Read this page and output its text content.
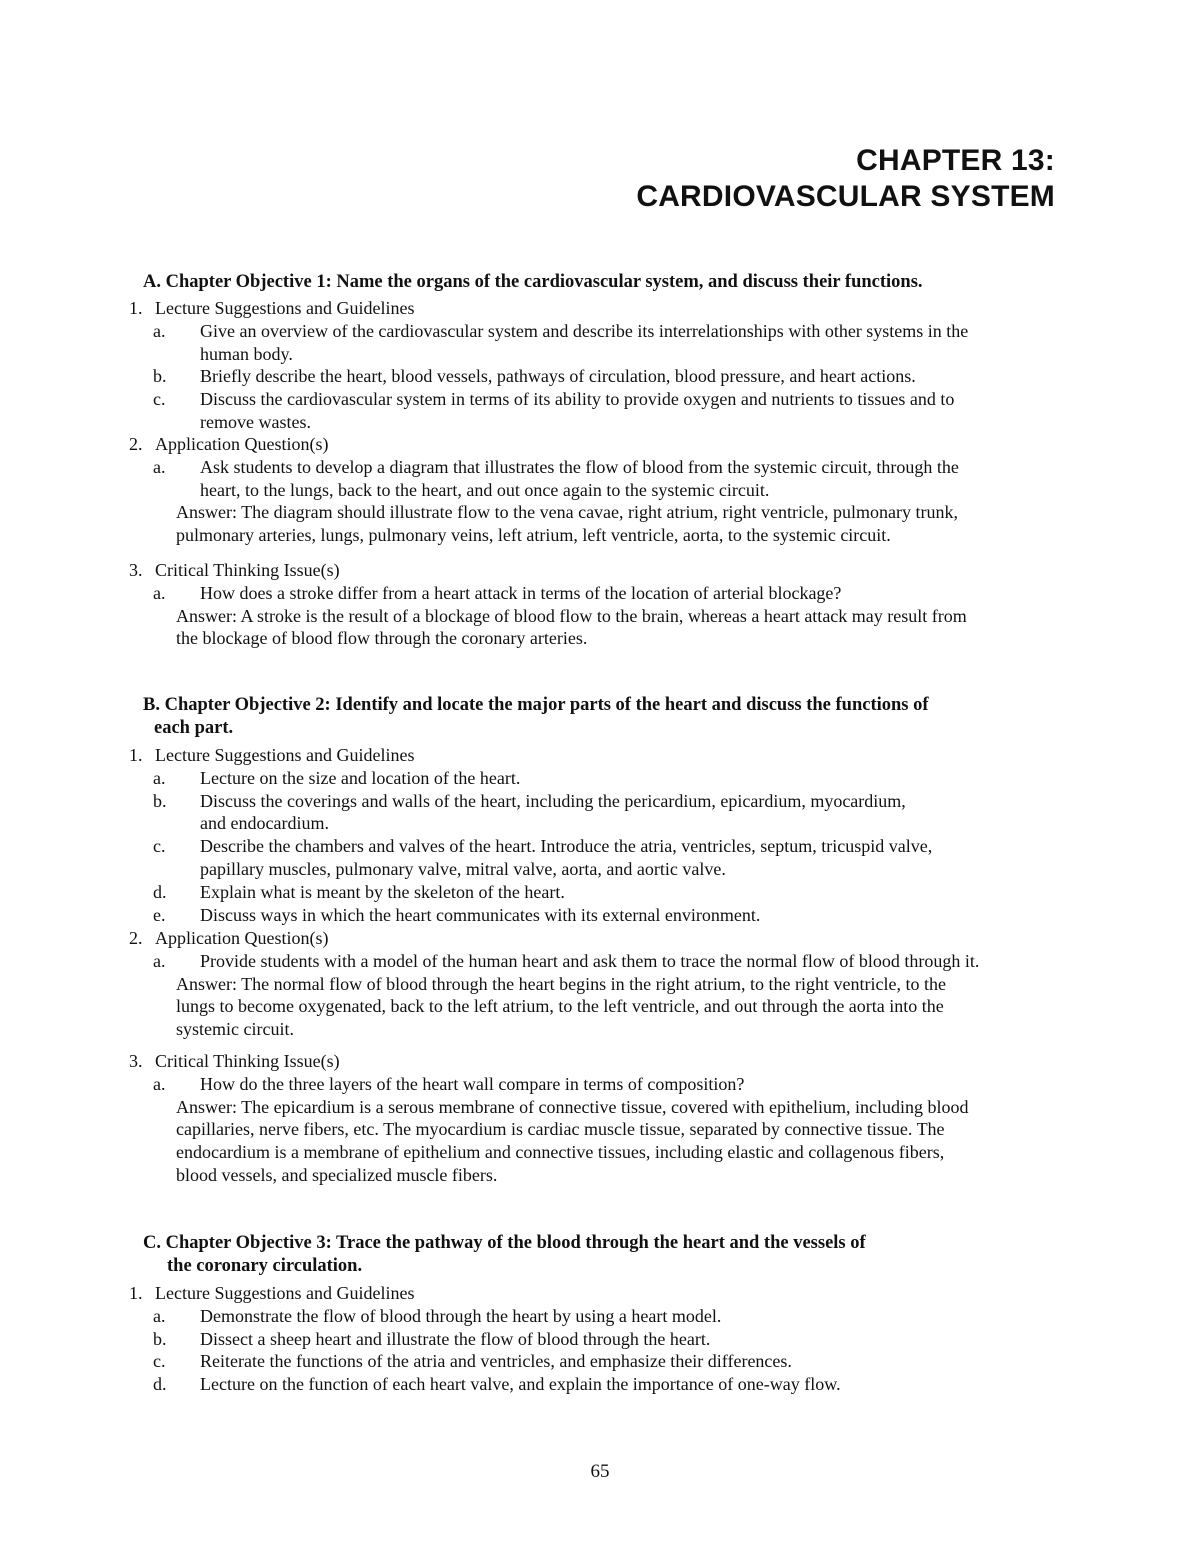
CHAPTER 13:
CARDIOVASCULAR SYSTEM
A. Chapter Objective 1: Name the organs of the cardiovascular system, and discuss their functions.
1. Lecture Suggestions and Guidelines
a. Give an overview of the cardiovascular system and describe its interrelationships with other systems in the
human body.
b. Briefly describe the heart, blood vessels, pathways of circulation, blood pressure, and heart actions.
c. Discuss the cardiovascular system in terms of its ability to provide oxygen and nutrients to tissues and to
remove wastes.
2. Application Question(s)
a. Ask students to develop a diagram that illustrates the flow of blood from the systemic circuit, through the
heart, to the lungs, back to the heart, and out once again to the systemic circuit.
Answer: The diagram should illustrate flow to the vena cavae, right atrium, right ventricle, pulmonary trunk,
pulmonary arteries, lungs, pulmonary veins, left atrium, left ventricle, aorta, to the systemic circuit.
3. Critical Thinking Issue(s)
a. How does a stroke differ from a heart attack in terms of the location of arterial blockage?
Answer: A stroke is the result of a blockage of blood flow to the brain, whereas a heart attack may result from
the blockage of blood flow through the coronary arteries.
B. Chapter Objective 2: Identify and locate the major parts of the heart and discuss the functions of
each part.
1. Lecture Suggestions and Guidelines
a. Lecture on the size and location of the heart.
b. Discuss the coverings and walls of the heart, including the pericardium, epicardium, myocardium,
and endocardium.
c. Describe the chambers and valves of the heart. Introduce the atria, ventricles, septum, tricuspid valve,
papillary muscles, pulmonary valve, mitral valve, aorta, and aortic valve.
d. Explain what is meant by the skeleton of the heart.
e. Discuss ways in which the heart communicates with its external environment.
2. Application Question(s)
a. Provide students with a model of the human heart and ask them to trace the normal flow of blood through it.
Answer: The normal flow of blood through the heart begins in the right atrium, to the right ventricle, to the
lungs to become oxygenated, back to the left atrium, to the left ventricle, and out through the aorta into the
systemic circuit.
3. Critical Thinking Issue(s)
a. How do the three layers of the heart wall compare in terms of composition?
Answer: The epicardium is a serous membrane of connective tissue, covered with epithelium, including blood
capillaries, nerve fibers, etc. The myocardium is cardiac muscle tissue, separated by connective tissue. The
endocardium is a membrane of epithelium and connective tissues, including elastic and collagenous fibers,
blood vessels, and specialized muscle fibers.
C. Chapter Objective 3: Trace the pathway of the blood through the heart and the vessels of
the coronary circulation.
1. Lecture Suggestions and Guidelines
a. Demonstrate the flow of blood through the heart by using a heart model.
b. Dissect a sheep heart and illustrate the flow of blood through the heart.
c. Reiterate the functions of the atria and ventricles, and emphasize their differences.
d. Lecture on the function of each heart valve, and explain the importance of one-way flow.
65
